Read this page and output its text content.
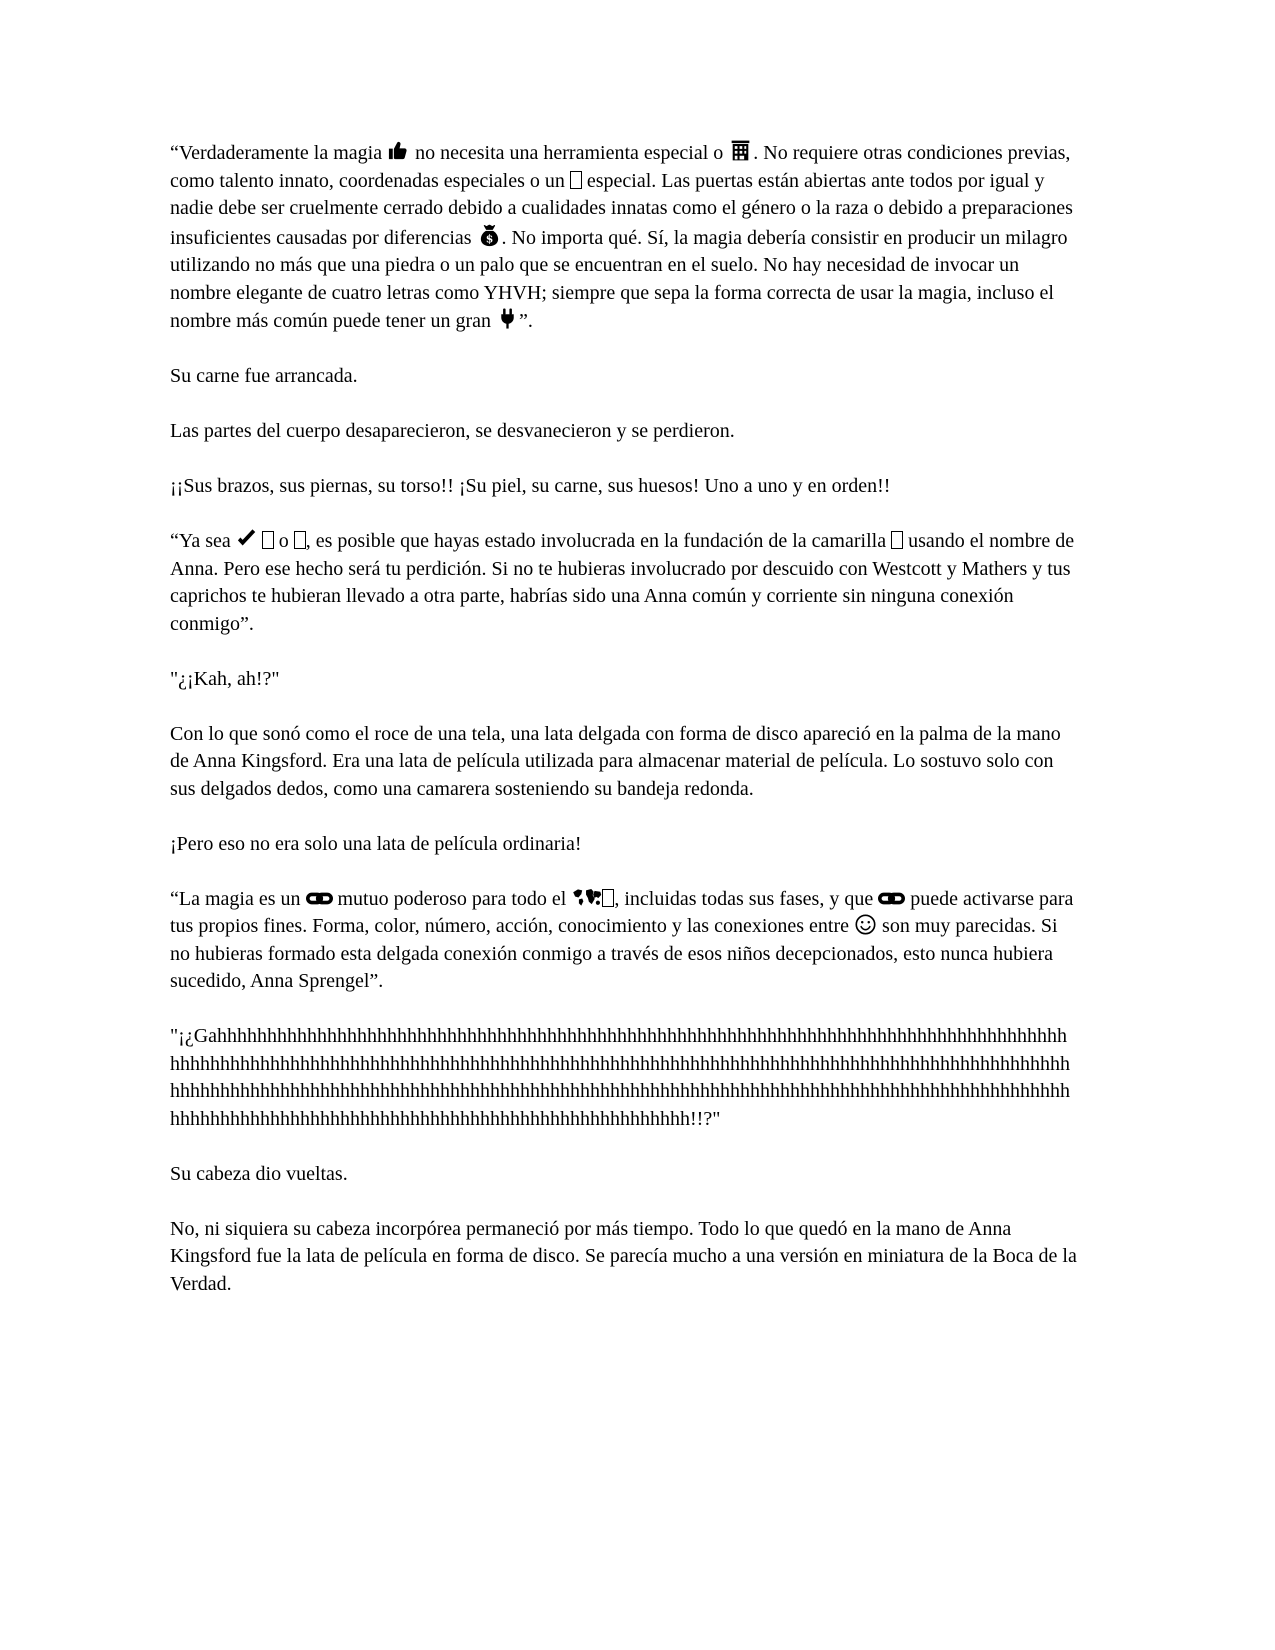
“Verdaderamente la magia  no necesita una herramienta especial o . No requiere otras condiciones previas, como talento innato, coordenadas especiales o un  especial. Las puertas están abiertas ante todos por igual y nadie debe ser cruelmente cerrado debido a cualidades innatas como el género o la raza o debido a preparaciones insuficientes causadas por diferencias $ . No importa qué. Sí, la magia debería consistir en producir un milagro utilizando no más que una piedra o un palo que se encuentran en el suelo. No hay necesidad de invocar un nombre elegante de cuatro letras como YHVH; siempre que sepa la forma correcta de usar la magia, incluso el nombre más común puede tener un gran ”.

Su carne fue arrancada.

Las partes del cuerpo desaparecieron, se desvanecieron y se perdieron.

¡¡Sus brazos, sus piernas, su torso!! ¡Su piel, su carne, sus huesos! Uno a uno y en orden!!

“Ya sea   o , es posible que hayas estado involucrada en la fundación de la camarilla  usando el nombre de Anna. Pero ese hecho será tu perdición. Si no te hubieras involucrado por descuido con Westcott y Mathers y tus caprichos te hubieran llevado a otra parte, habrías sido una Anna común y corriente sin ninguna conexión conmigo”.

"¿¡Kah, ah!?"

Con lo que sonó como el roce de una tela, una lata delgada con forma de disco apareció en la palma de la mano de Anna Kingsford. Era una lata de película utilizada para almacenar material de película. Lo sostuvo solo con sus delgados dedos, como una camarera sosteniendo su bandeja redonda.

¡Pero eso no era solo una lata de película ordinaria!

“La magia es un  mutuo poderoso para todo el , incluidas todas sus fases, y que  puede activarse para tus propios fines. Forma, color, número, acción, conocimiento y las conexiones entre  son muy parecidas. Si no hubieras formado esta delgada conexión conmigo a través de esos niños decepcionados, esto nunca hubiera sucedido, Anna Sprengel”.

"¡¿Gahhhhhhhhhhhhhhhhhhhhhhhhhhhhhhhhhhhhhhhhhhhhhhhhhhhhhhhhhhhhhhhhhhhhhhhhhhhhhhhhhhhhhhhhhhhhhhhhhhhhhhhhhhhhhhhhhhhhhhhhhhhhhhhhhhhhhhhhhhhhhhhhhhhhhhhhhhhhhhhhhhhhhhhhhhhhhhhhhhhhhhhhhhhhhhhhhhhhhhhhhhhhhhhhhhhhhhhhhhhhhhhhhhhhhhhhhhhhhhhhhhhhhhhhhhhhhhhhhhhhhhhhhhhhhhhhhhhhhhhhhhhhhhhhhhhhhhhhhhhhhhhhhhhhhhhhhhhhh!!?"

Su cabeza dio vueltas.

No, ni siquiera su cabeza incorpórea permaneció por más tiempo. Todo lo que quedó en la mano de Anna Kingsford fue la lata de película en forma de disco. Se parecía mucho a una versión en miniatura de la Boca de la Verdad.
